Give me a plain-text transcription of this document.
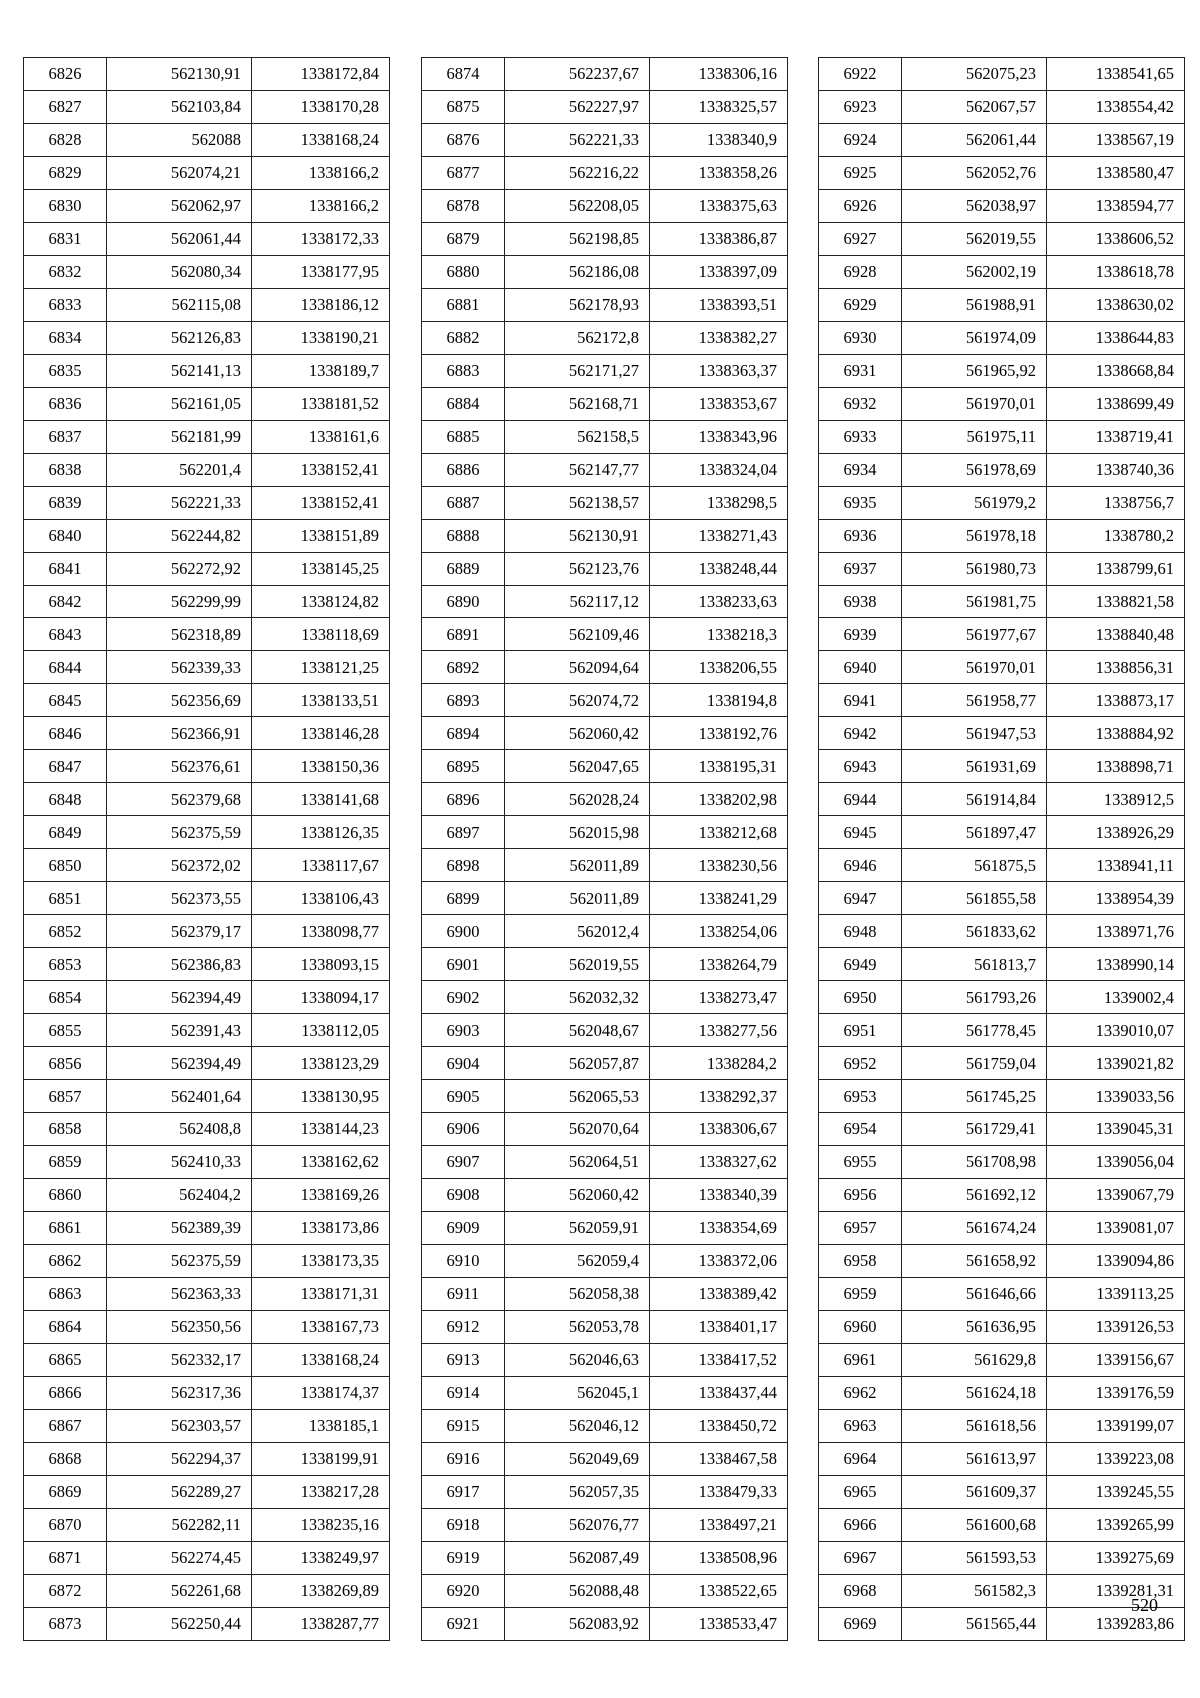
6826	562130,91	1338172,84
6827	562103,84	1338170,28
6828	562088	1338168,24
6829	562074,21	1338166,2
6830	562062,97	1338166,2
6831	562061,44	1338172,33
6832	562080,34	1338177,95
6833	562115,08	1338186,12
6834	562126,83	1338190,21
6835	562141,13	1338189,7
6836	562161,05	1338181,52
6837	562181,99	1338161,6
6838	562201,4	1338152,41
6839	562221,33	1338152,41
6840	562244,82	1338151,89
6841	562272,92	1338145,25
6842	562299,99	1338124,82
6843	562318,89	1338118,69
6844	562339,33	1338121,25
6845	562356,69	1338133,51
6846	562366,91	1338146,28
6847	562376,61	1338150,36
6848	562379,68	1338141,68
6849	562375,59	1338126,35
6850	562372,02	1338117,67
6851	562373,55	1338106,43
6852	562379,17	1338098,77
6853	562386,83	1338093,15
6854	562394,49	1338094,17
6855	562391,43	1338112,05
6856	562394,49	1338123,29
6857	562401,64	1338130,95
6858	562408,8	1338144,23
6859	562410,33	1338162,62
6860	562404,2	1338169,26
6861	562389,39	1338173,86
6862	562375,59	1338173,35
6863	562363,33	1338171,31
6864	562350,56	1338167,73
6865	562332,17	1338168,24
6866	562317,36	1338174,37
6867	562303,57	1338185,1
6868	562294,37	1338199,91
6869	562289,27	1338217,28
6870	562282,11	1338235,16
6871	562274,45	1338249,97
6872	562261,68	1338269,89
6873	562250,44	1338287,77
6874	562237,67	1338306,16
6875	562227,97	1338325,57
6876	562221,33	1338340,9
6877	562216,22	1338358,26
6878	562208,05	1338375,63
6879	562198,85	1338386,87
6880	562186,08	1338397,09
6881	562178,93	1338393,51
6882	562172,8	1338382,27
6883	562171,27	1338363,37
6884	562168,71	1338353,67
6885	562158,5	1338343,96
6886	562147,77	1338324,04
6887	562138,57	1338298,5
6888	562130,91	1338271,43
6889	562123,76	1338248,44
6890	562117,12	1338233,63
6891	562109,46	1338218,3
6892	562094,64	1338206,55
6893	562074,72	1338194,8
6894	562060,42	1338192,76
6895	562047,65	1338195,31
6896	562028,24	1338202,98
6897	562015,98	1338212,68
6898	562011,89	1338230,56
6899	562011,89	1338241,29
6900	562012,4	1338254,06
6901	562019,55	1338264,79
6902	562032,32	1338273,47
6903	562048,67	1338277,56
6904	562057,87	1338284,2
6905	562065,53	1338292,37
6906	562070,64	1338306,67
6907	562064,51	1338327,62
6908	562060,42	1338340,39
6909	562059,91	1338354,69
6910	562059,4	1338372,06
6911	562058,38	1338389,42
6912	562053,78	1338401,17
6913	562046,63	1338417,52
6914	562045,1	1338437,44
6915	562046,12	1338450,72
6916	562049,69	1338467,58
6917	562057,35	1338479,33
6918	562076,77	1338497,21
6919	562087,49	1338508,96
6920	562088,48	1338522,65
6921	562083,92	1338533,47
6922	562075,23	1338541,65
6923	562067,57	1338554,42
6924	562061,44	1338567,19
6925	562052,76	1338580,47
6926	562038,97	1338594,77
6927	562019,55	1338606,52
6928	562002,19	1338618,78
6929	561988,91	1338630,02
6930	561974,09	1338644,83
6931	561965,92	1338668,84
6932	561970,01	1338699,49
6933	561975,11	1338719,41
6934	561978,69	1338740,36
6935	561979,2	1338756,7
6936	561978,18	1338780,2
6937	561980,73	1338799,61
6938	561981,75	1338821,58
6939	561977,67	1338840,48
6940	561970,01	1338856,31
6941	561958,77	1338873,17
6942	561947,53	1338884,92
6943	561931,69	1338898,71
6944	561914,84	1338912,5
6945	561897,47	1338926,29
6946	561875,5	1338941,11
6947	561855,58	1338954,39
6948	561833,62	1338971,76
6949	561813,7	1338990,14
6950	561793,26	1339002,4
6951	561778,45	1339010,07
6952	561759,04	1339021,82
6953	561745,25	1339033,56
6954	561729,41	1339045,31
6955	561708,98	1339056,04
6956	561692,12	1339067,79
6957	561674,24	1339081,07
6958	561658,92	1339094,86
6959	561646,66	1339113,25
6960	561636,95	1339126,53
6961	561629,8	1339156,67
6962	561624,18	1339176,59
6963	561618,56	1339199,07
6964	561613,97	1339223,08
6965	561609,37	1339245,55
6966	561600,68	1339265,99
6967	561593,53	1339275,69
6968	561582,3	1339281,31
6969	561565,44	1339283,86
520
